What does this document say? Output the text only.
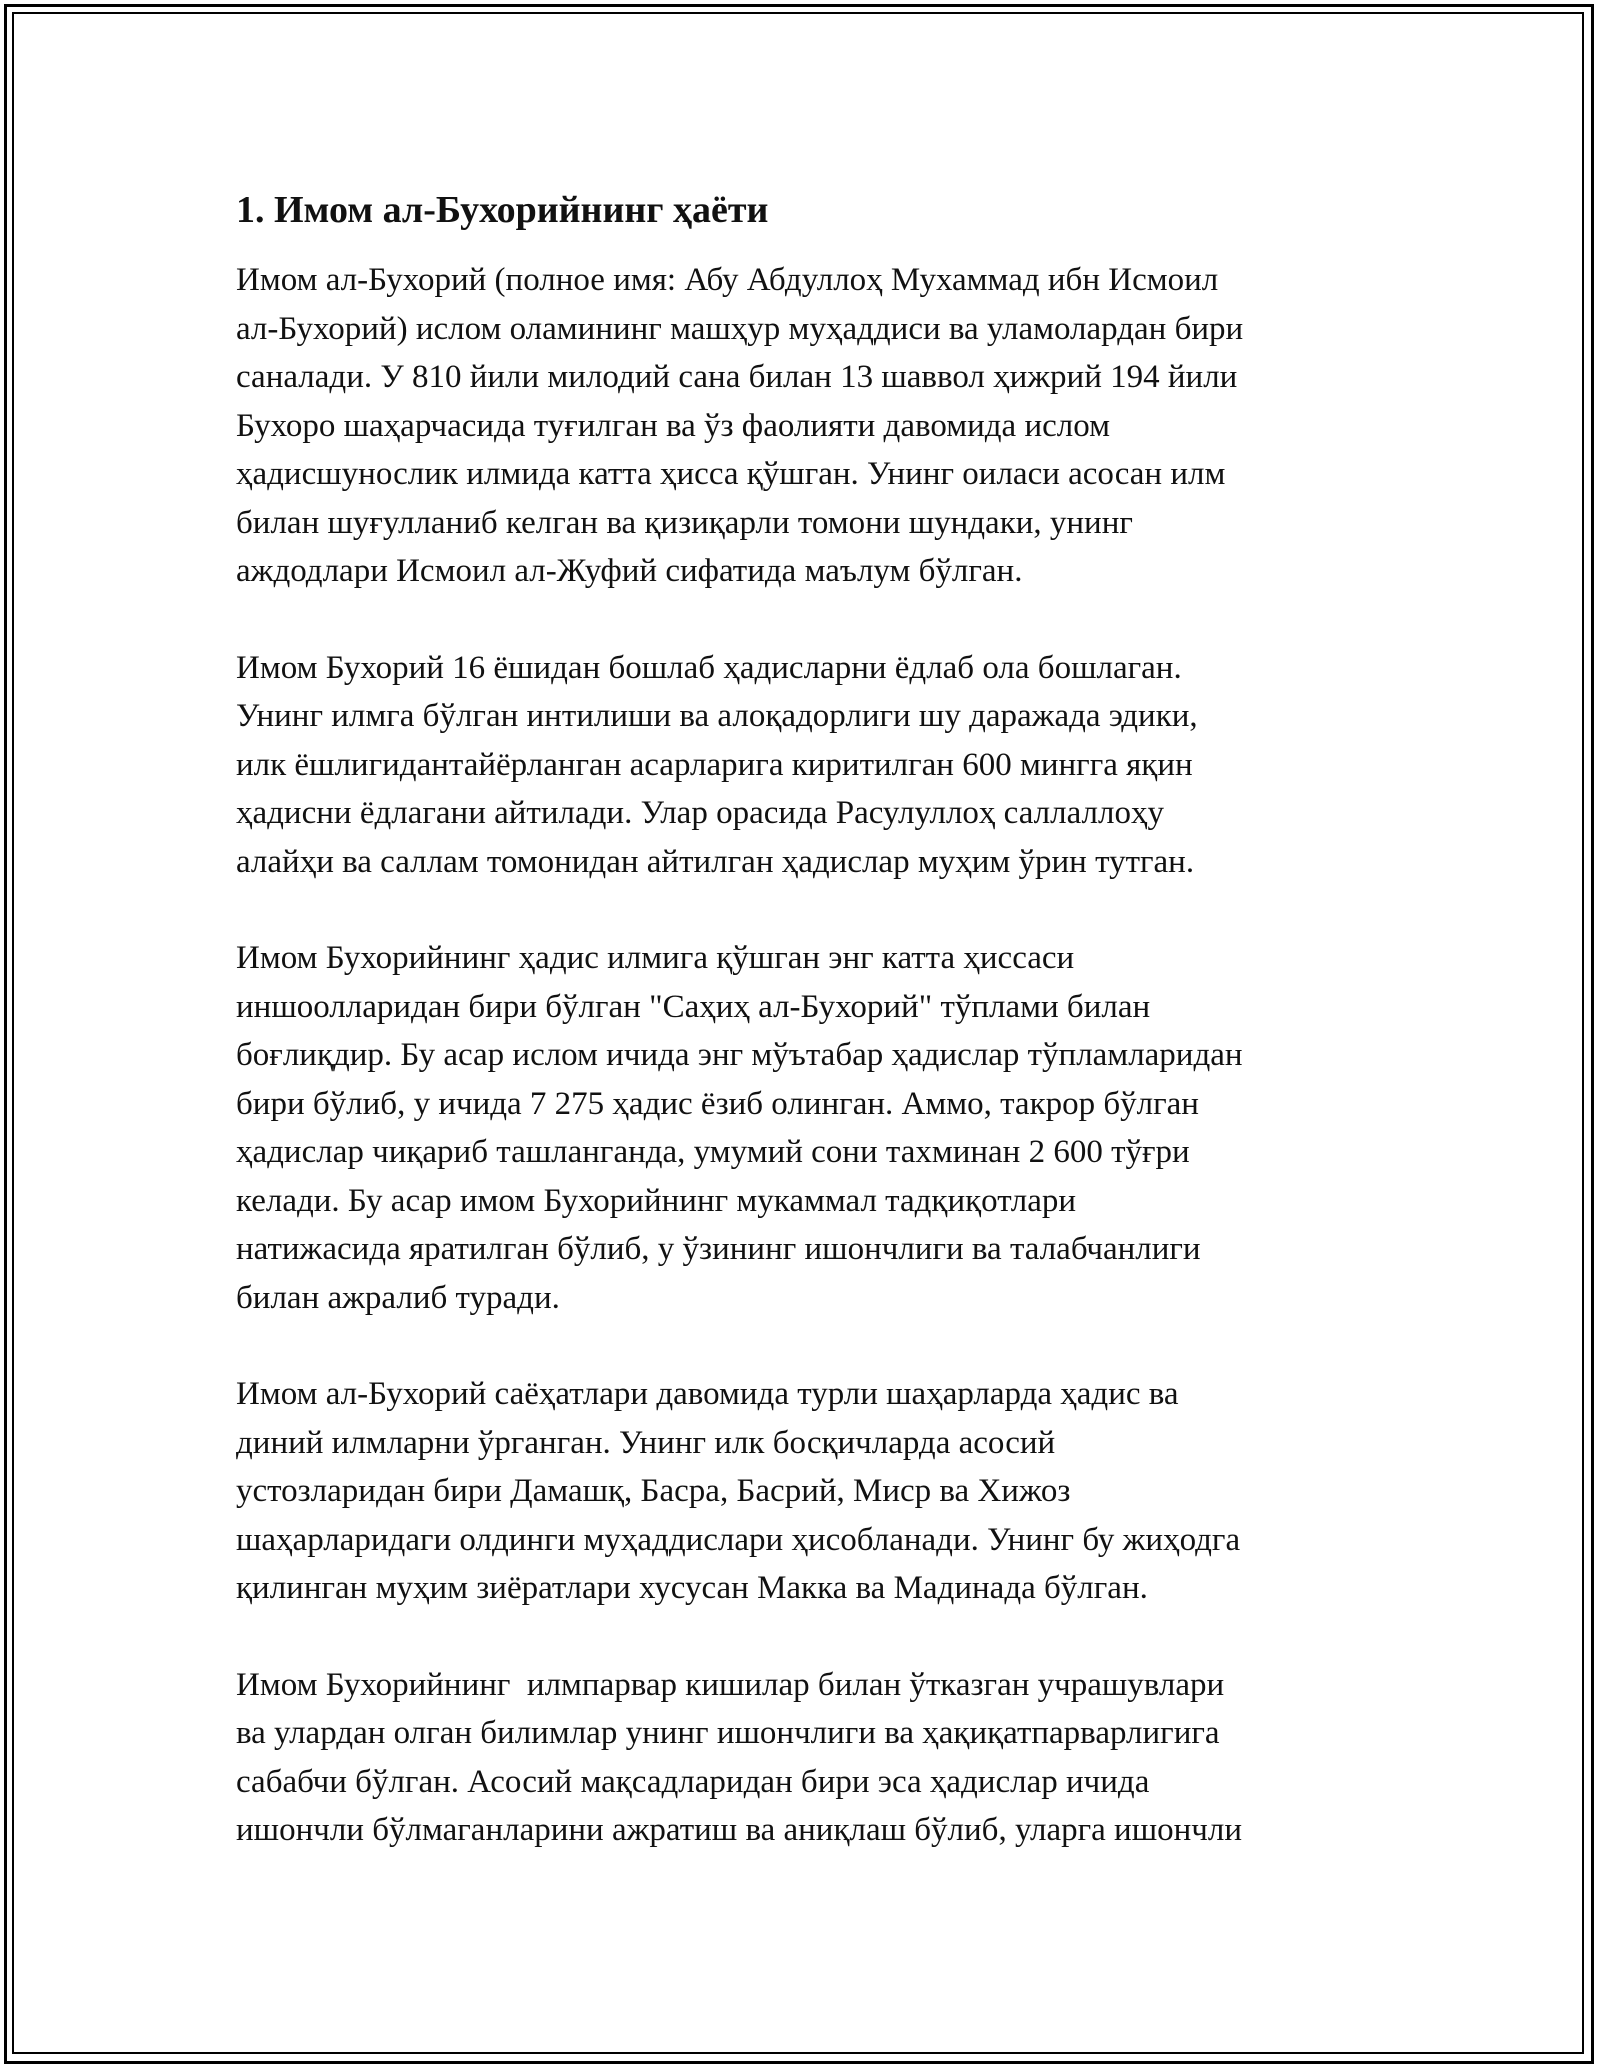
1. Имом ал-Бухорийнинг ҳаёти

Имом ал-Бухорий (полное имя: Абу Абдуллоҳ Мухаммад ибн Исмоил
ал-Бухорий) ислом оламининг машҳур муҳаддиси ва уламолардан бири
саналади. У 810 йили милодий сана билан 13 шаввол ҳижрий 194 йили
Бухоро шаҳарчасида туғилган ва ўз фаолияти давомида ислом
ҳадисшунослик илмида катта ҳисса қўшган. Унинг оиласи асосан илм
билан шуғулланиб келган ва қизиқарли томони шундаки, унинг
аждодлари Исмоил ал-Жуфий сифатида маълум бўлган.

Имом Бухорий 16 ёшидан бошлаб ҳадисларни ёдлаб ола бошлаган.
Унинг илмга бўлган интилиши ва алоқадорлиги шу даражада эдики,
илк ёшлигидантайёрланган асарларига киритилган 600 мингга яқин
ҳадисни ёдлагани айтилади. Улар орасида Расулуллоҳ саллаллоҳу
алайҳи ва саллам томонидан айтилган ҳадислар муҳим ўрин тутган.

Имом Бухорийнинг ҳадис илмига қўшган энг катта ҳиссаси
иншоолларидан бири бўлган "Саҳиҳ ал-Бухорий" тўплами билан
боғлиқдир. Бу асар ислом ичида энг мўътабар ҳадислар тўпламларидан
бири бўлиб, у ичида 7 275 ҳадис ёзиб олинган. Аммо, такрор бўлган
ҳадислар чиқариб ташланганда, умумий сони тахминан 2 600 тўғри
келади. Бу асар имом Бухорийнинг мукаммал тадқиқотлари
натижасида яратилган бўлиб, у ўзининг ишончлиги ва талабчанлиги
билан ажралиб туради.

Имом ал-Бухорий саёҳатлари давомида турли шаҳарларда ҳадис ва
диний илмларни ўрганган. Унинг илк босқичларда асосий
устозларидан бири Дамашқ, Басра, Басрий, Миср ва Хижоз
шаҳарларидаги олдинги муҳаддислари ҳисобланади. Унинг бу жиҳодга
қилинган муҳим зиёратлари хусусан Макка ва Мадинада бўлган.

Имом Бухорийнинг  илмпарвар кишилар билан ўтказган учрашувлари
ва улардан олган билимлар унинг ишончлиги ва ҳақиқатпарварлигига
сабабчи бўлган. Асосий мақсадларидан бири эса ҳадислар ичида
ишончли бўлмаганларини ажратиш ва аниқлаш бўлиб, уларга ишончли
